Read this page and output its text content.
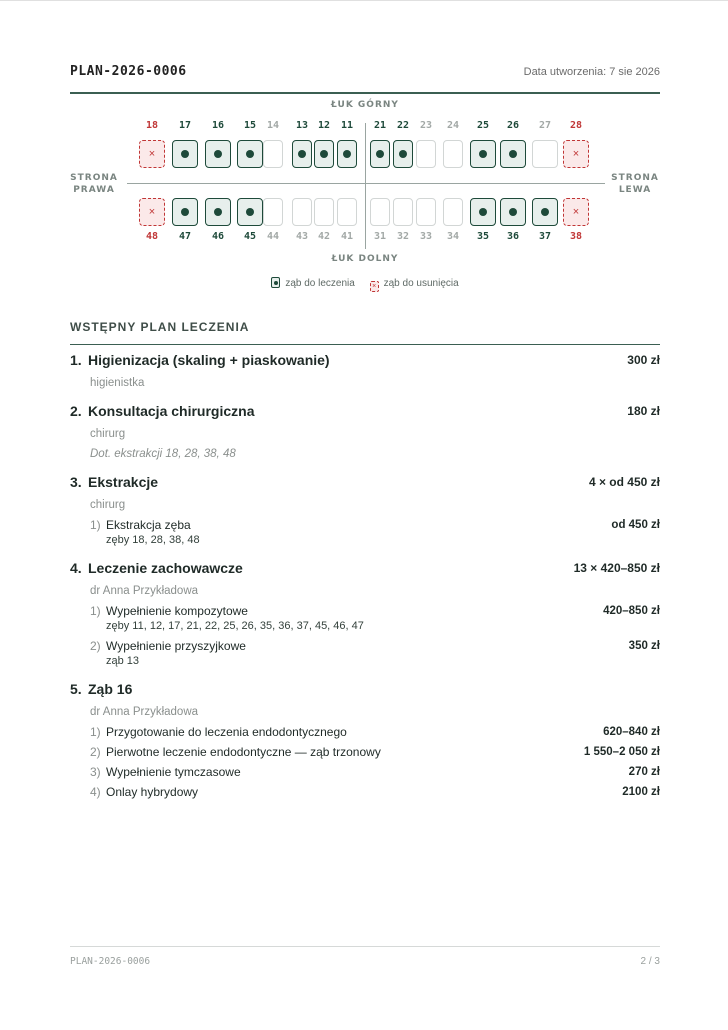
PLAN-2026-0006	Data utworzenia: 7 sie 2026
ŁUK GÓRNY
ŁUK DOLNY
STRONA
PRAWA
STRONA
LEWA
ząb do leczenia × ząb do usunięcia
18
×
17	16	15	14	13 12	11	21	22	23	24	25	26	27	28
×
48
×
47	46	45	44	43 42	41	31	32	33	34	35	36	37	38
×
WSTĘPNY PLAN LECZENIA
1. Higienizacja (skaling + piaskowanie)	300 zł
higienistka
2. Konsultacja chirurgiczna	180 zł
chirurg
Dot. ekstrakcji 18, 28, 38, 48
3. Ekstrakcje	4 × od 450 zł
chirurg
1) Ekstrakcja zęba	od 450 zł
zęby 18, 28, 38, 48
4. Leczenie zachowawcze	13 × 420–850 zł
dr Anna Przykładowa
1) Wypełnienie kompozytowe	420–850 zł
zęby 11, 12, 17, 21, 22, 25, 26, 35, 36, 37, 45, 46, 47
2) Wypełnienie przyszyjkowe	350 zł
ząb 13
5. Ząb 16
dr Anna Przykładowa
1) Przygotowanie do leczenia endodontycznego	620–840 zł
2) Pierwotne leczenie endodontyczne — ząb trzonowy	1 550–2 050 zł
3) Wypełnienie tymczasowe	270 zł
4) Onlay hybrydowy	2100 zł
PLAN-2026-0006	2 / 3
